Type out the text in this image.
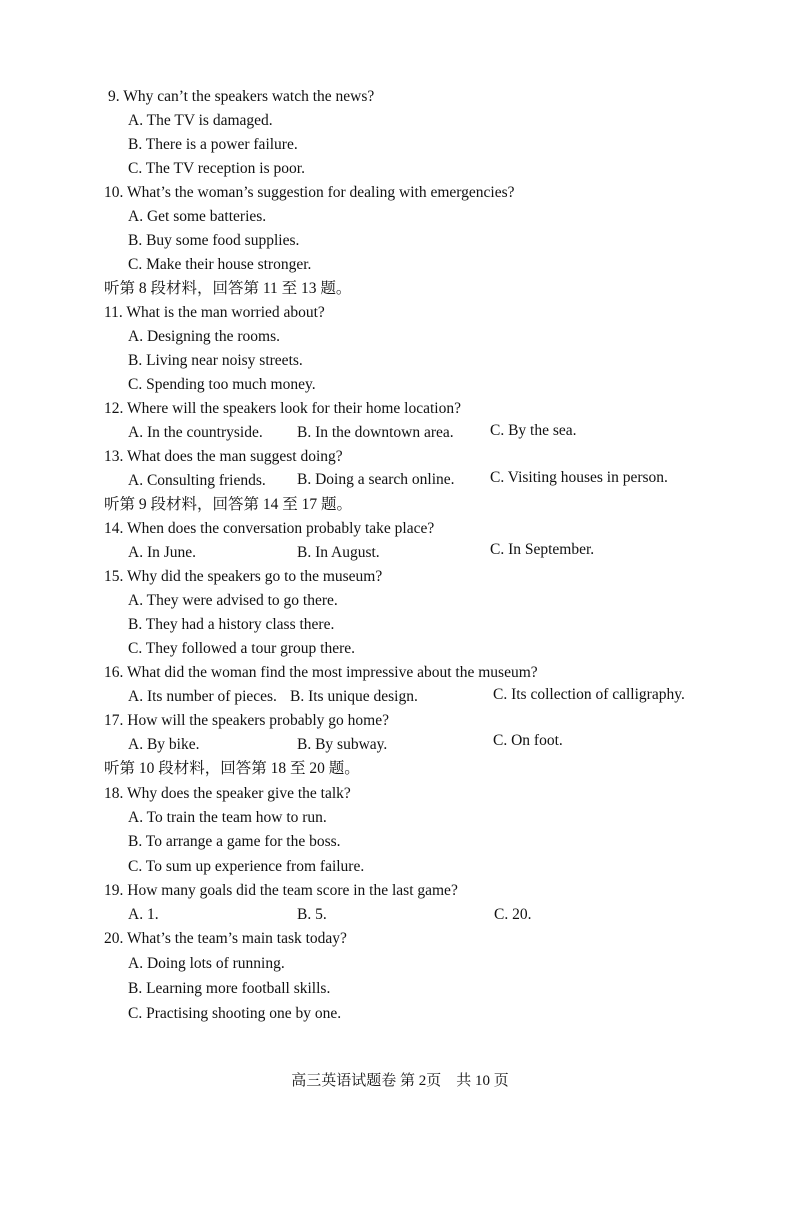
9. Why can’t the speakers watch the news?
A. The TV is damaged.
B. There is a power failure.
C. The TV reception is poor.
10. What’s the woman’s suggestion for dealing with emergencies?
A. Get some batteries.
B. Buy some food supplies.
C. Make their house stronger.
听第 8 段材料，回答第 11 至 13 题。
11. What is the man worried about?
A. Designing the rooms.
B. Living near noisy streets.
C. Spending too much money.
12. Where will the speakers look for their home location?
A. In the countryside. B. In the downtown area. C. By the sea.
13. What does the man suggest doing?
A. Consulting friends. B. Doing a search online. C. Visiting houses in person.
听第 9 段材料，回答第 14 至 17 题。
14. When does the conversation probably take place?
A. In June.	B. In August.	C. In September.
15. Why did the speakers go to the museum?
A. They were advised to go there.
B. They had a history class there.
C. They followed a tour group there.
16. What did the woman find the most impressive about the museum?
A. Its number of pieces. B. Its unique design.	C. Its collection of calligraphy.
17. How will the speakers probably go home?
A. By bike.	B. By subway.	C. On foot.
听第 10 段材料，回答第 18 至 20 题。
18. Why does the speaker give the talk?
A. To train the team how to run.
B. To arrange a game for the boss.
C. To sum up experience from failure.
19. How many goals did the team score in the last game?
A. 1.	B. 5.	C. 20.
20. What’s the team’s main task today?
A. Doing lots of running.
B. Learning more football skills.
C. Practising shooting one by one.
高三英语试题卷 第 2页　共 10 页
